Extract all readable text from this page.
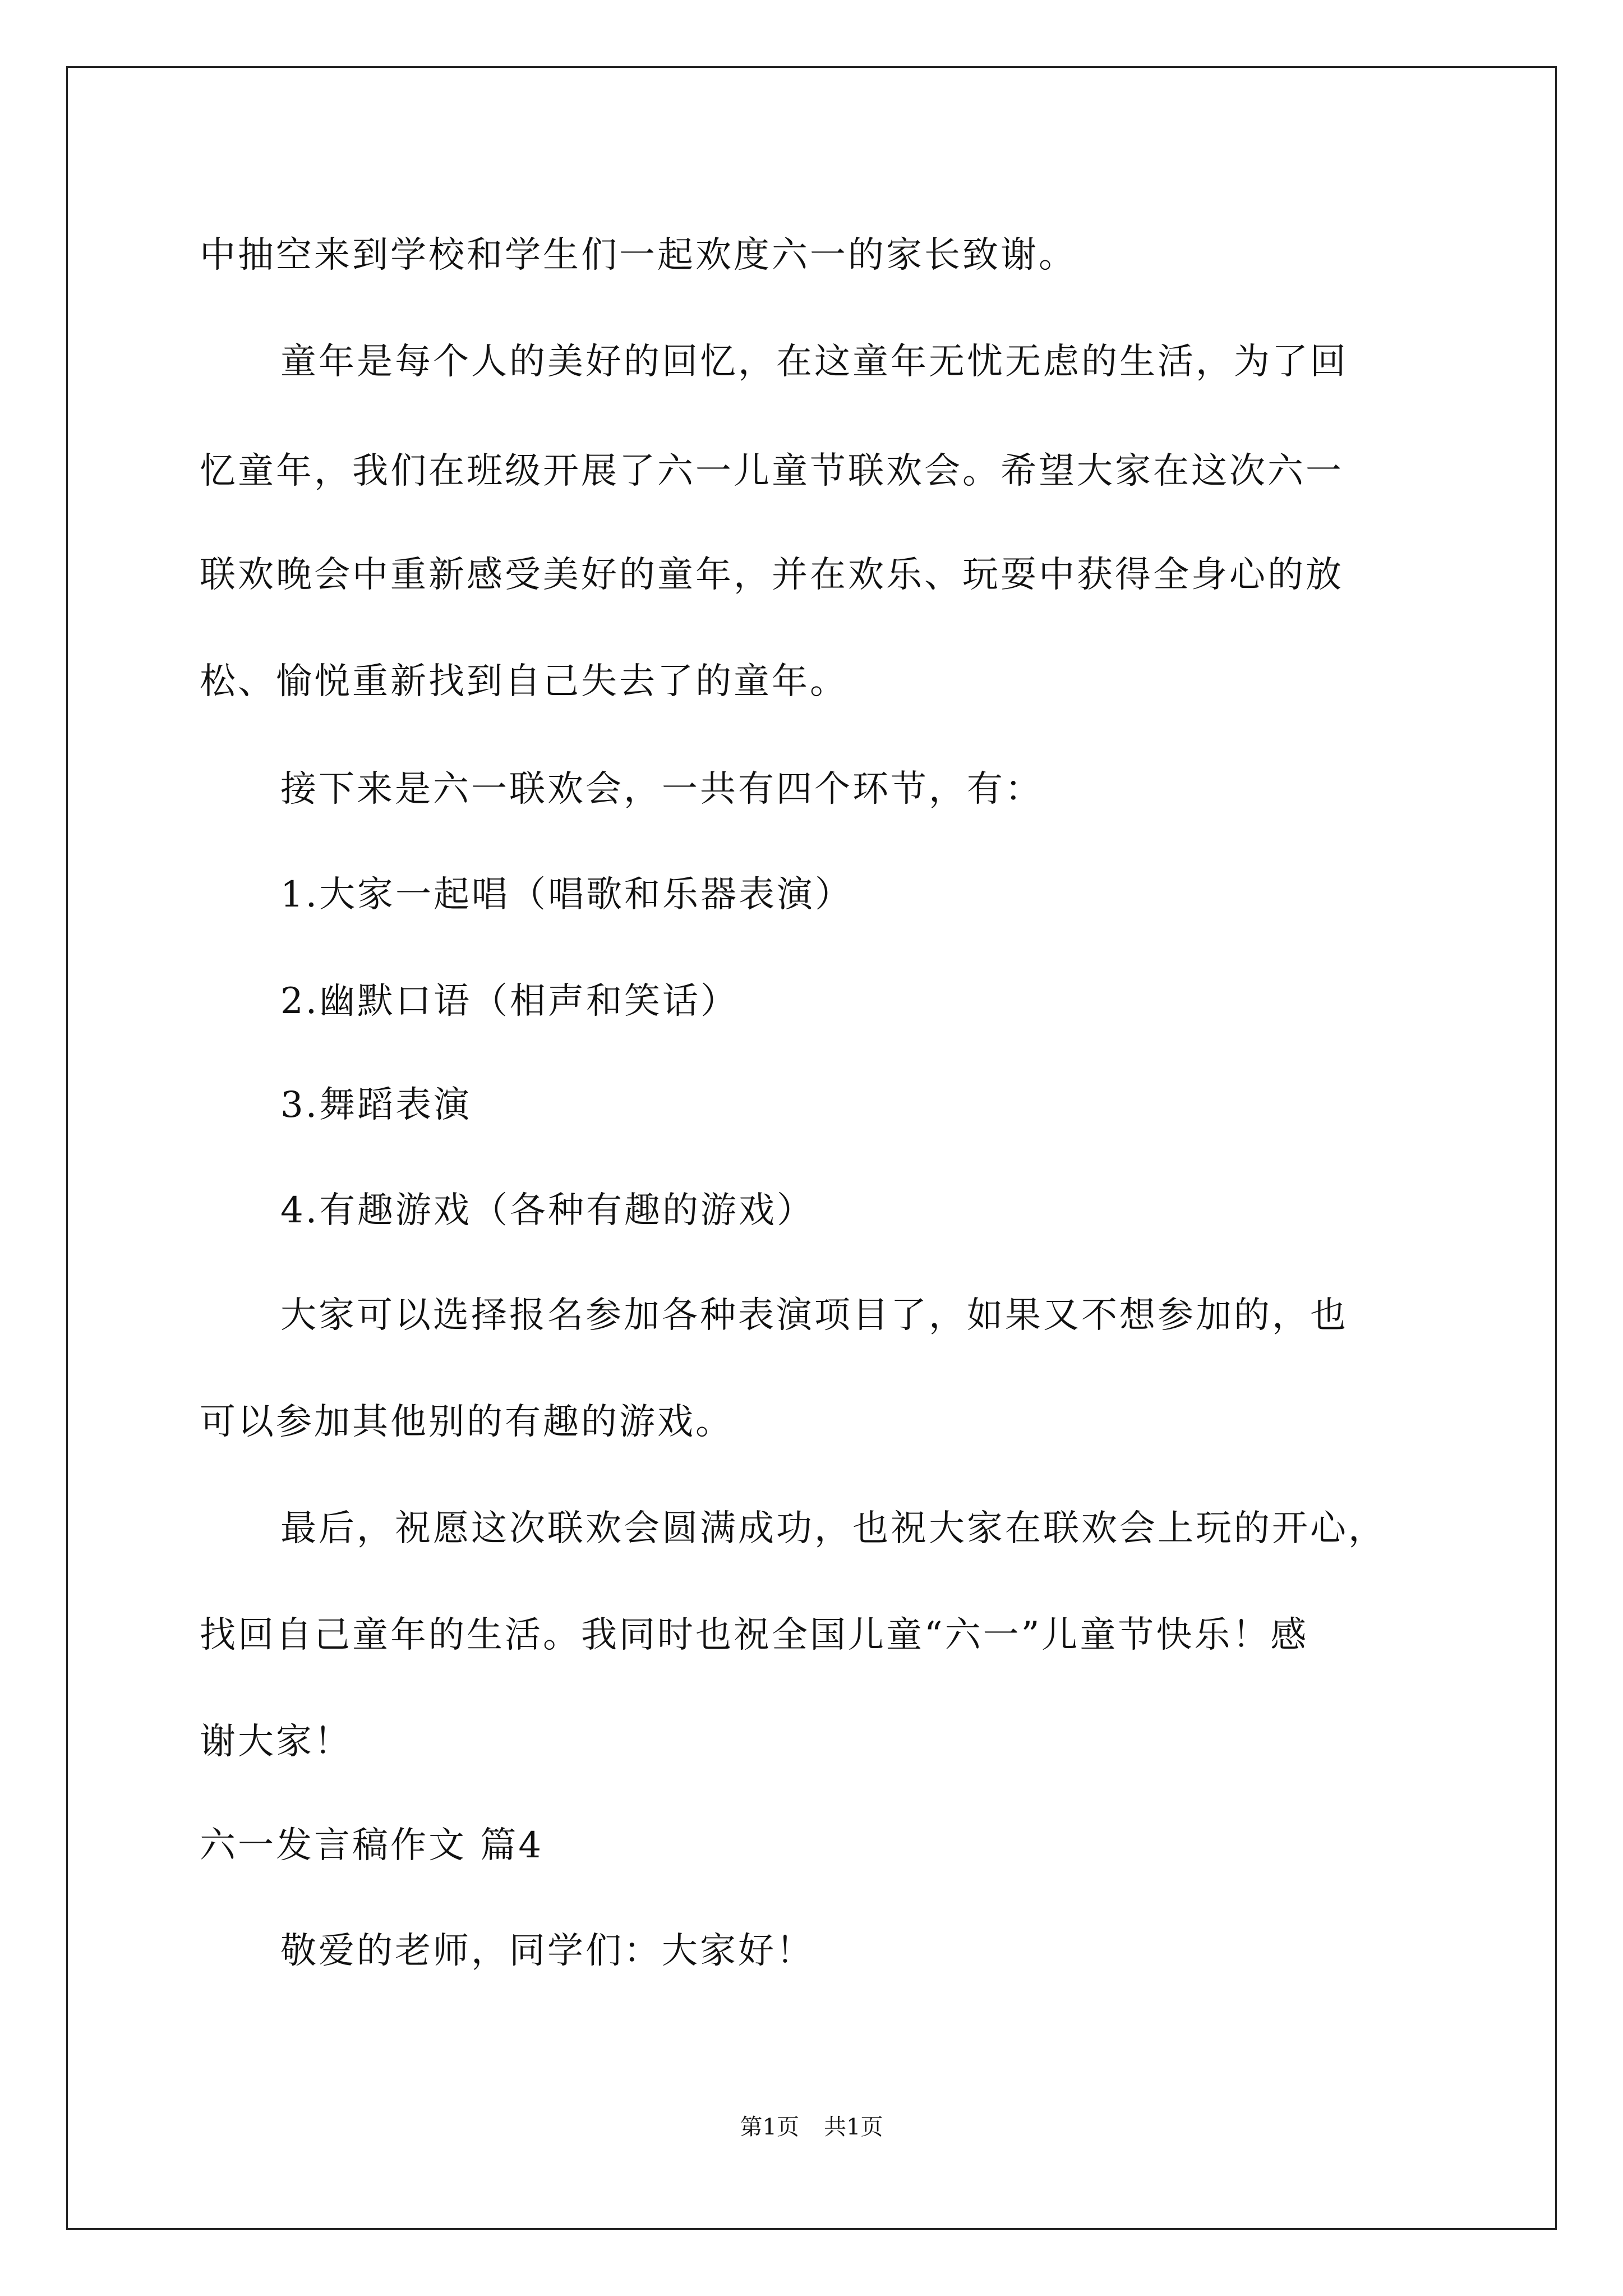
中抽空来到学校和学生们一起欢度六一的家长致谢。
童年是每个人的美好的回忆，在这童年无忧无虑的生活，为了回
忆童年，我们在班级开展了六一儿童节联欢会。希望大家在这次六一
联欢晚会中重新感受美好的童年，并在欢乐、玩耍中获得全身心的放
松、愉悦重新找到自己失去了的童年。
接下来是六一联欢会，一共有四个环节，有：
1.大家一起唱（唱歌和乐器表演）
2.幽默口语（相声和笑话）
3.舞蹈表演
4.有趣游戏（各种有趣的游戏）
大家可以选择报名参加各种表演项目了，如果又不想参加的，也
可以参加其他别的有趣的游戏。
最后，祝愿这次联欢会圆满成功，也祝大家在联欢会上玩的开心，
找回自己童年的生活。我同时也祝全国儿童“六一”儿童节快乐！感
谢大家！
六一发言稿作文 篇4
敬爱的老师，同学们：大家好！
第1页 共1页
